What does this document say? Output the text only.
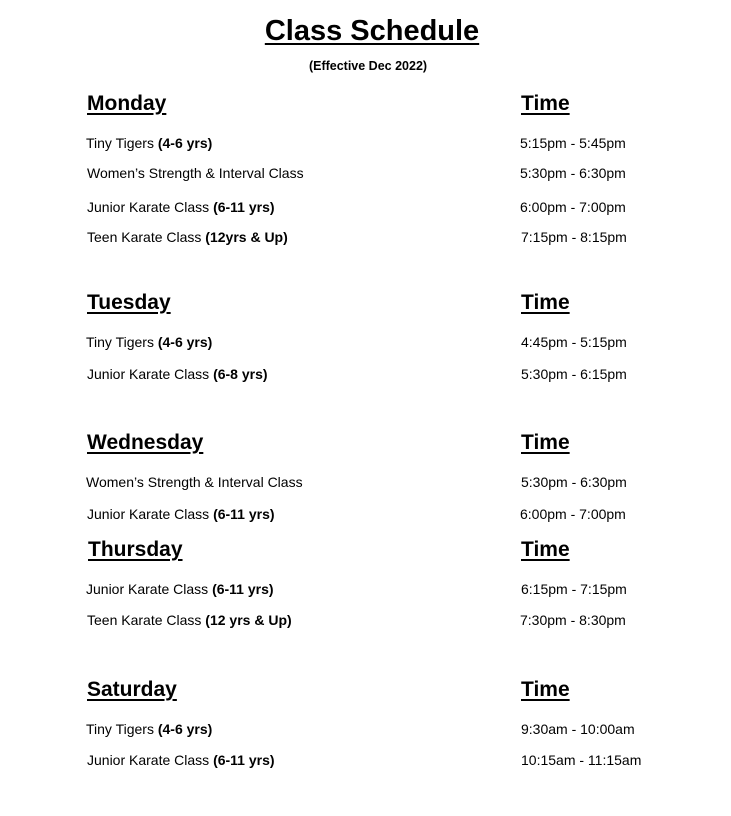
Class Schedule
(Effective Dec 2022)
Monday	Time
Tiny Tigers (4-6 yrs)	5:15pm - 5:45pm
Women’s Strength & Interval Class	5:30pm - 6:30pm
Junior Karate Class (6-11 yrs)	6:00pm - 7:00pm
Teen Karate Class (12yrs & Up)	7:15pm - 8:15pm
Tuesday	Time
Tiny Tigers (4-6 yrs)	4:45pm - 5:15pm
Junior Karate Class (6-8 yrs)	5:30pm - 6:15pm
Wednesday	Time
Women’s Strength & Interval Class	5:30pm - 6:30pm
Junior Karate Class (6-11 yrs)	6:00pm - 7:00pm
Thursday	Time
Junior Karate Class (6-11 yrs)	6:15pm - 7:15pm
Teen Karate Class (12 yrs & Up)	7:30pm - 8:30pm
Saturday	Time
Tiny Tigers (4-6 yrs)	9:30am - 10:00am
Junior Karate Class (6-11 yrs)	10:15am - 11:15am
